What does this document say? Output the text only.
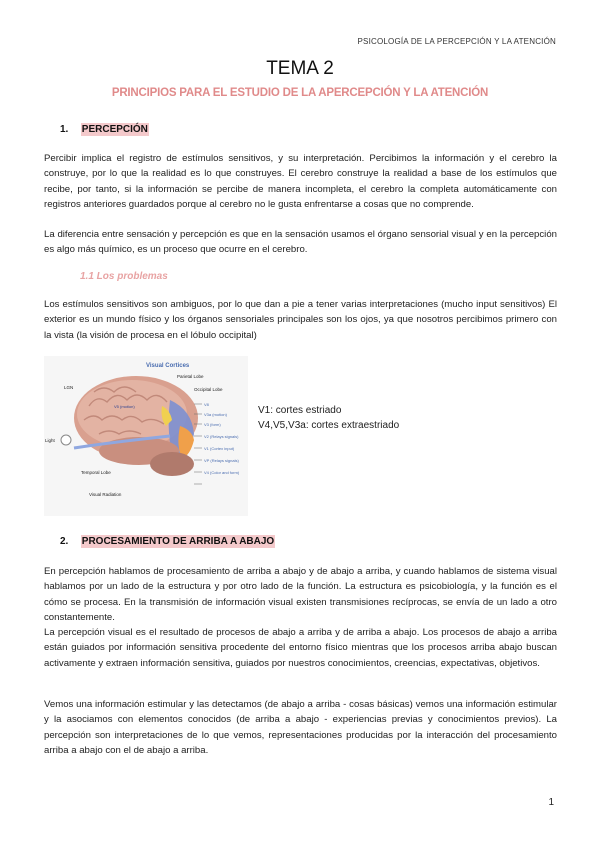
PSICOLOGÍA DE LA PERCEPCIÓN Y LA ATENCIÓN
TEMA 2
PRINCIPIOS PARA EL ESTUDIO DE LA APERCEPCIÓN Y LA ATENCIÓN
1. PERCEPCIÓN
Percibir implica el registro de estímulos sensitivos, y su interpretación. Percibimos la información y el cerebro la construye, por lo que la realidad es lo que construyes. El cerebro construye la realidad a base de los estímulos que recibe, por tanto, si la información se percibe de manera incompleta, el cerebro la completa automáticamente con registros anteriores guardados porque al cerebro no le gusta enfrentarse a cosas que no comprende.
La diferencia entre sensación y percepción es que en la sensación usamos el órgano sensorial visual y en la percepción es algo más químico, es un proceso que ocurre en el cerebro.
1.1 Los problemas
Los estímulos sensitivos son ambiguos, por lo que dan a pie a tener varias interpretaciones (mucho input sensitivos) El exterior es un mundo físico y los órganos sensoriales principales son los ojos, ya que nosotros percibimos primero con la vista (la visión de procesa en el lóbulo occipital)
Visual Cortices
LGN
Light
Temporal Lobe
Visual Radiation
Parietal Lobe
Occipital Lobe
V8
V3a (motion)
V3 (form)
V2 (Relays signals)
V1 (Cortex input)
VP (Relays signals)
V4 (Color and form)
V5 (motion)	V1: cortes estriado
V4,V5,V3a: cortes extraestriado
2. PROCESAMIENTO DE ARRIBA A ABAJO
En percepción hablamos de procesamiento de arriba a abajo y de abajo a arriba, y cuando hablamos de sistema visual hablamos por un lado de la estructura y por otro lado de la función. La estructura es psicobiología, y la función es el cómo se procesa. En la transmisión de información visual existen transmisiones recíprocas, se envía de un lado a otro constantemente.
La percepción visual es el resultado de procesos de abajo a arriba y de arriba a abajo. Los procesos de abajo a arriba están guiados por información sensitiva procedente del entorno físico mientras que los procesos arriba abajo buscan activamente y extraen información sensitiva, guiados por nuestros conocimientos, creencias, expectativas, objetivos.
Vemos una información estimular y las detectamos (de abajo a arriba - cosas básicas) vemos una información estimular y la asociamos con elementos conocidos (de arriba a abajo - experiencias previas y conocimientos previos). La percepción son interpretaciones de lo que vemos, representaciones producidas por la interacción del procesamiento arriba a abajo con el de abajo a arriba.
1
